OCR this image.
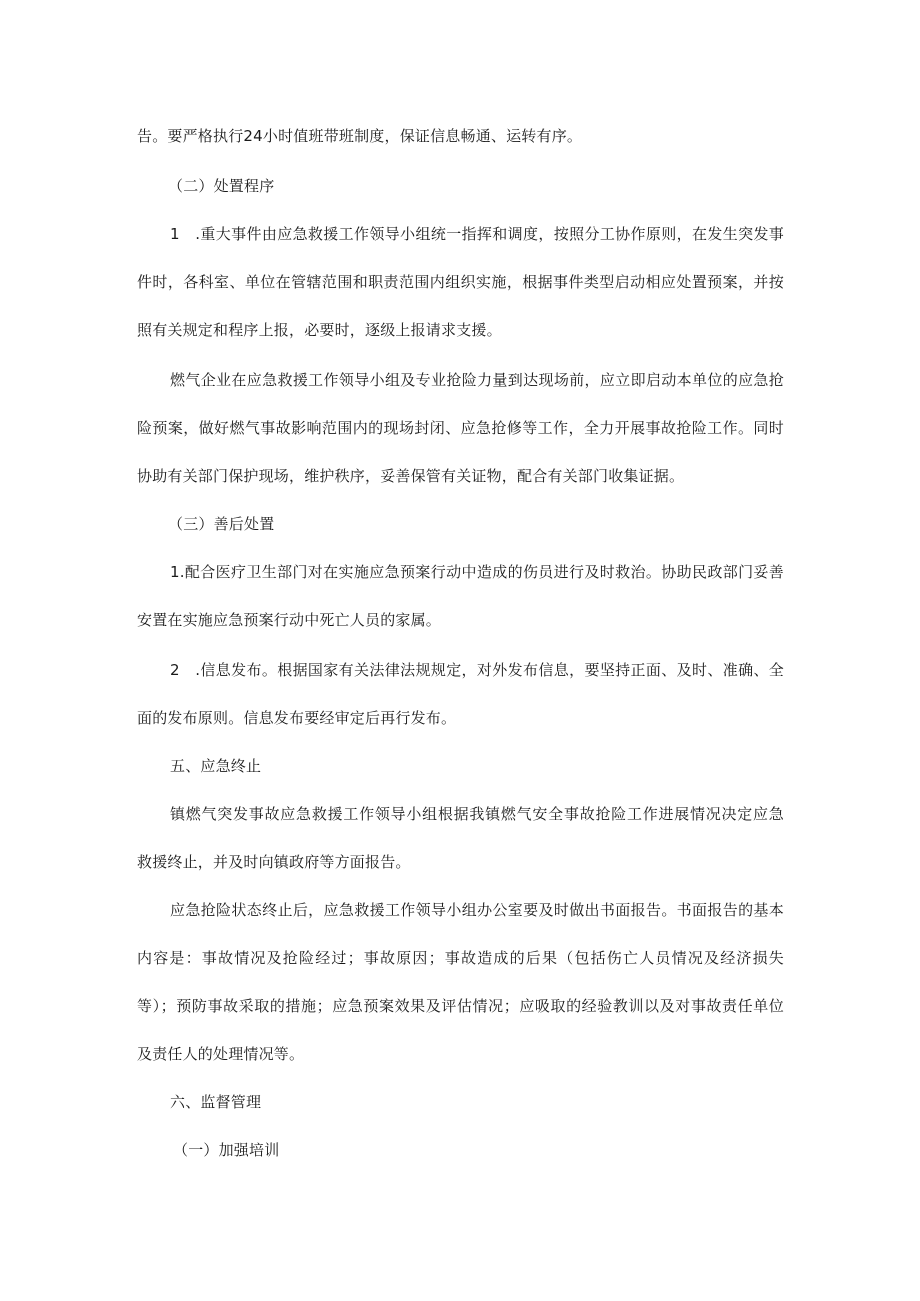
告。要严格执行24小时值班带班制度，保证信息畅通、运转有序。
（二）处置程序
1　.重大事件由应急救援工作领导小组统一指挥和调度，按照分工协作原则，在发生突发事
件时，各科室、单位在管辖范围和职责范围内组织实施，根据事件类型启动相应处置预案，并按
照有关规定和程序上报，必要时，逐级上报请求支援。
燃气企业在应急救援工作领导小组及专业抢险力量到达现场前，应立即启动本单位的应急抢
险预案，做好燃气事故影响范围内的现场封闭、应急抢修等工作，全力开展事故抢险工作。同时
协助有关部门保护现场，维护秩序，妥善保管有关证物，配合有关部门收集证据。
（三）善后处置
1.配合医疗卫生部门对在实施应急预案行动中造成的伤员进行及时救治。协助民政部门妥善
安置在实施应急预案行动中死亡人员的家属。
2　.信息发布。根据国家有关法律法规规定，对外发布信息，要坚持正面、及时、准确、全
面的发布原则。信息发布要经审定后再行发布。
五、应急终止
镇燃气突发事故应急救援工作领导小组根据我镇燃气安全事故抢险工作进展情况决定应急
救援终止，并及时向镇政府等方面报告。
应急抢险状态终止后，应急救援工作领导小组办公室要及时做出书面报告。书面报告的基本
内容是：事故情况及抢险经过；事故原因；事故造成的后果（包括伤亡人员情况及经济损失
等）；预防事故采取的措施；应急预案效果及评估情况；应吸取的经验教训以及对事故责任单位
及责任人的处理情况等。
六、监督管理
（一）加强培训
